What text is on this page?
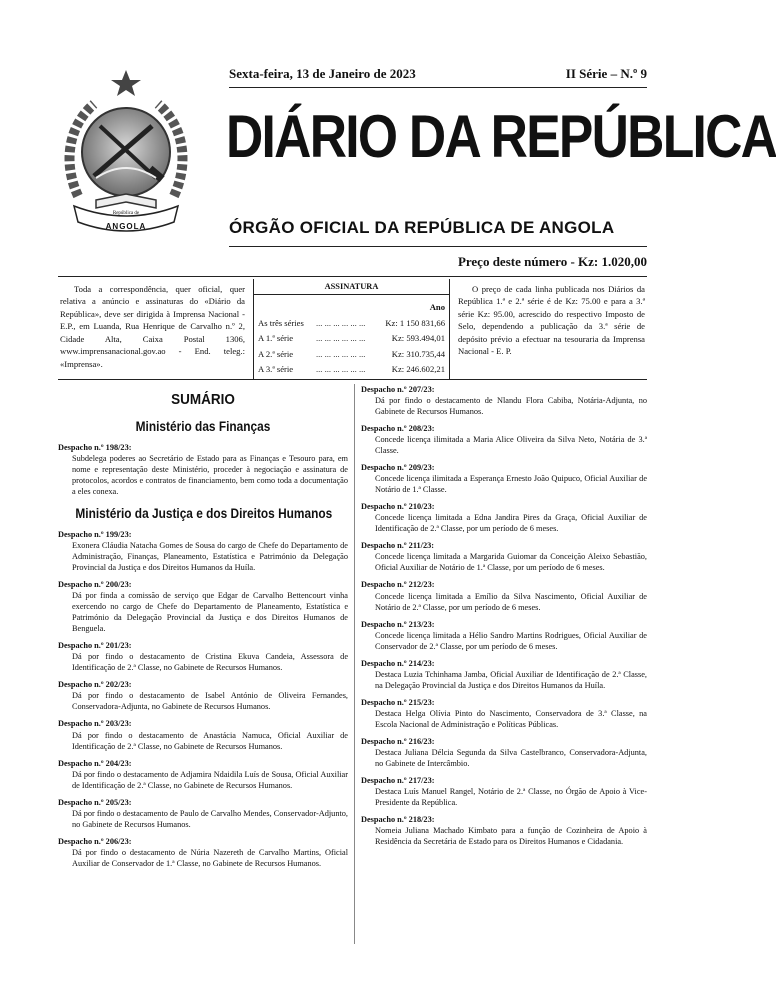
República de
ANGOLA
Sexta-feira, 13 de Janeiro de 2023	II Série – N.º 9
DIÁRIO DA REPÚBLICA
ÓRGÃO OFICIAL DA REPÚBLICA DE ANGOLA
Preço deste número - Kz: 1.020,00
Toda a correspondência, quer oficial, quer relativa a anúncio e assinaturas do «Diário da República», deve ser dirigida à Imprensa Nacional - E.P., em Luanda, Rua Henrique de Carvalho n.º 2, Cidade Alta, Caixa Postal 1306, www.imprensanacional.gov.ao - End. teleg.: «Imprensa».
ASSINATURA
Ano
As três séries	... ... ... ... ... ...	Kz: 1 150 831,66
A 1.ª série	... ... ... ... ... ...	Kz: 593.494,01
A 2.ª série	... ... ... ... ... ...	Kz: 310.735,44
A 3.ª série	... ... ... ... ... ...	Kz: 246.602,21
O preço de cada linha publicada nos Diários da República 1.ª e 2.ª série é de Kz: 75.00 e para a 3.ª série Kz: 95.00, acrescido do respectivo Imposto de Selo, dependendo a publicação da 3.ª série de depósito prévio a efectuar na tesouraria da Imprensa Nacional - E. P.
SUMÁRIO
Ministério das Finanças
Despacho n.º 198/23:
Subdelega poderes ao Secretário de Estado para as Finanças e Tesouro para, em nome e representação deste Ministério, proceder à negociação e assinatura de protocolos, acordos e contratos de financiamento, bem como toda a documentação a eles conexa.
Ministério da Justiça e dos Direitos Humanos
Despacho n.º 199/23:
Exonera Cláudia Natacha Gomes de Sousa do cargo de Chefe do Departamento de Administração, Finanças, Planeamento, Estatística e Património da Delegação Provincial da Justiça e dos Direitos Humanos da Huíla.
Despacho n.º 200/23:
Dá por finda a comissão de serviço que Edgar de Carvalho Bettencourt vinha exercendo no cargo de Chefe do Departamento de Planeamento, Estatística e Património da Delegação Provincial da Justiça e dos Direitos Humanos de Benguela.
Despacho n.º 201/23:
Dá por findo o destacamento de Cristina Ekuva Candeia, Assessora de Identificação de 2.ª Classe, no Gabinete de Recursos Humanos.
Despacho n.º 202/23:
Dá por findo o destacamento de Isabel António de Oliveira Fernandes, Conservadora-Adjunta, no Gabinete de Recursos Humanos.
Despacho n.º 203/23:
Dá por findo o destacamento de Anastácia Namuca, Oficial Auxiliar de Identificação de 2.ª Classe, no Gabinete de Recursos Humanos.
Despacho n.º 204/23:
Dá por findo o destacamento de Adjamira Ndaidila Luís de Sousa, Oficial Auxiliar de Identificação de 2.ª Classe, no Gabinete de Recursos Humanos.
Despacho n.º 205/23:
Dá por findo o destacamento de Paulo de Carvalho Mendes, Conservador-Adjunto, no Gabinete de Recursos Humanos.
Despacho n.º 206/23:
Dá por findo o destacamento de Núria Nazereth de Carvalho Martins, Oficial Auxiliar de Conservador de 1.ª Classe, no Gabinete de Recursos Humanos.
Despacho n.º 207/23:
Dá por findo o destacamento de Nlandu Flora Cabiba, Notária-Adjunta, no Gabinete de Recursos Humanos.
Despacho n.º 208/23:
Concede licença ilimitada a Maria Alice Oliveira da Silva Neto, Notária de 3.ª Classe.
Despacho n.º 209/23:
Concede licença ilimitada a Esperança Ernesto João Quipuco, Oficial Auxiliar de Notário de 1.ª Classe.
Despacho n.º 210/23:
Concede licença limitada a Edna Jandira Pires da Graça, Oficial Auxiliar de Identificação de 2.ª Classe, por um período de 6 meses.
Despacho n.º 211/23:
Concede licença limitada a Margarida Guiomar da Conceição Aleixo Sebastião, Oficial Auxiliar de Notário de 1.ª Classe, por um período de 6 meses.
Despacho n.º 212/23:
Concede licença limitada a Emílio da Silva Nascimento, Oficial Auxiliar de Notário de 2.ª Classe, por um período de 6 meses.
Despacho n.º 213/23:
Concede licença limitada a Hélio Sandro Martins Rodrigues, Oficial Auxiliar de Conservador de 2.ª Classe, por um período de 6 meses.
Despacho n.º 214/23:
Destaca Luzia Tchinhama Jamba, Oficial Auxiliar de Identificação de 2.ª Classe, na Delegação Provincial da Justiça e dos Direitos Humanos da Huíla.
Despacho n.º 215/23:
Destaca Helga Olívia Pinto do Nascimento, Conservadora de 3.ª Classe, na Escola Nacional de Administração e Políticas Públicas.
Despacho n.º 216/23:
Destaca Juliana Délcia Segunda da Silva Castelbranco, Conservadora-Adjunta, no Gabinete de Intercâmbio.
Despacho n.º 217/23:
Destaca Luís Manuel Rangel, Notário de 2.ª Classe, no Órgão de Apoio à Vice-Presidente da República.
Despacho n.º 218/23:
Nomeia Juliana Machado Kimbato para a função de Cozinheira de Apoio à Residência da Secretária de Estado para os Direitos Humanos e Cidadania.
